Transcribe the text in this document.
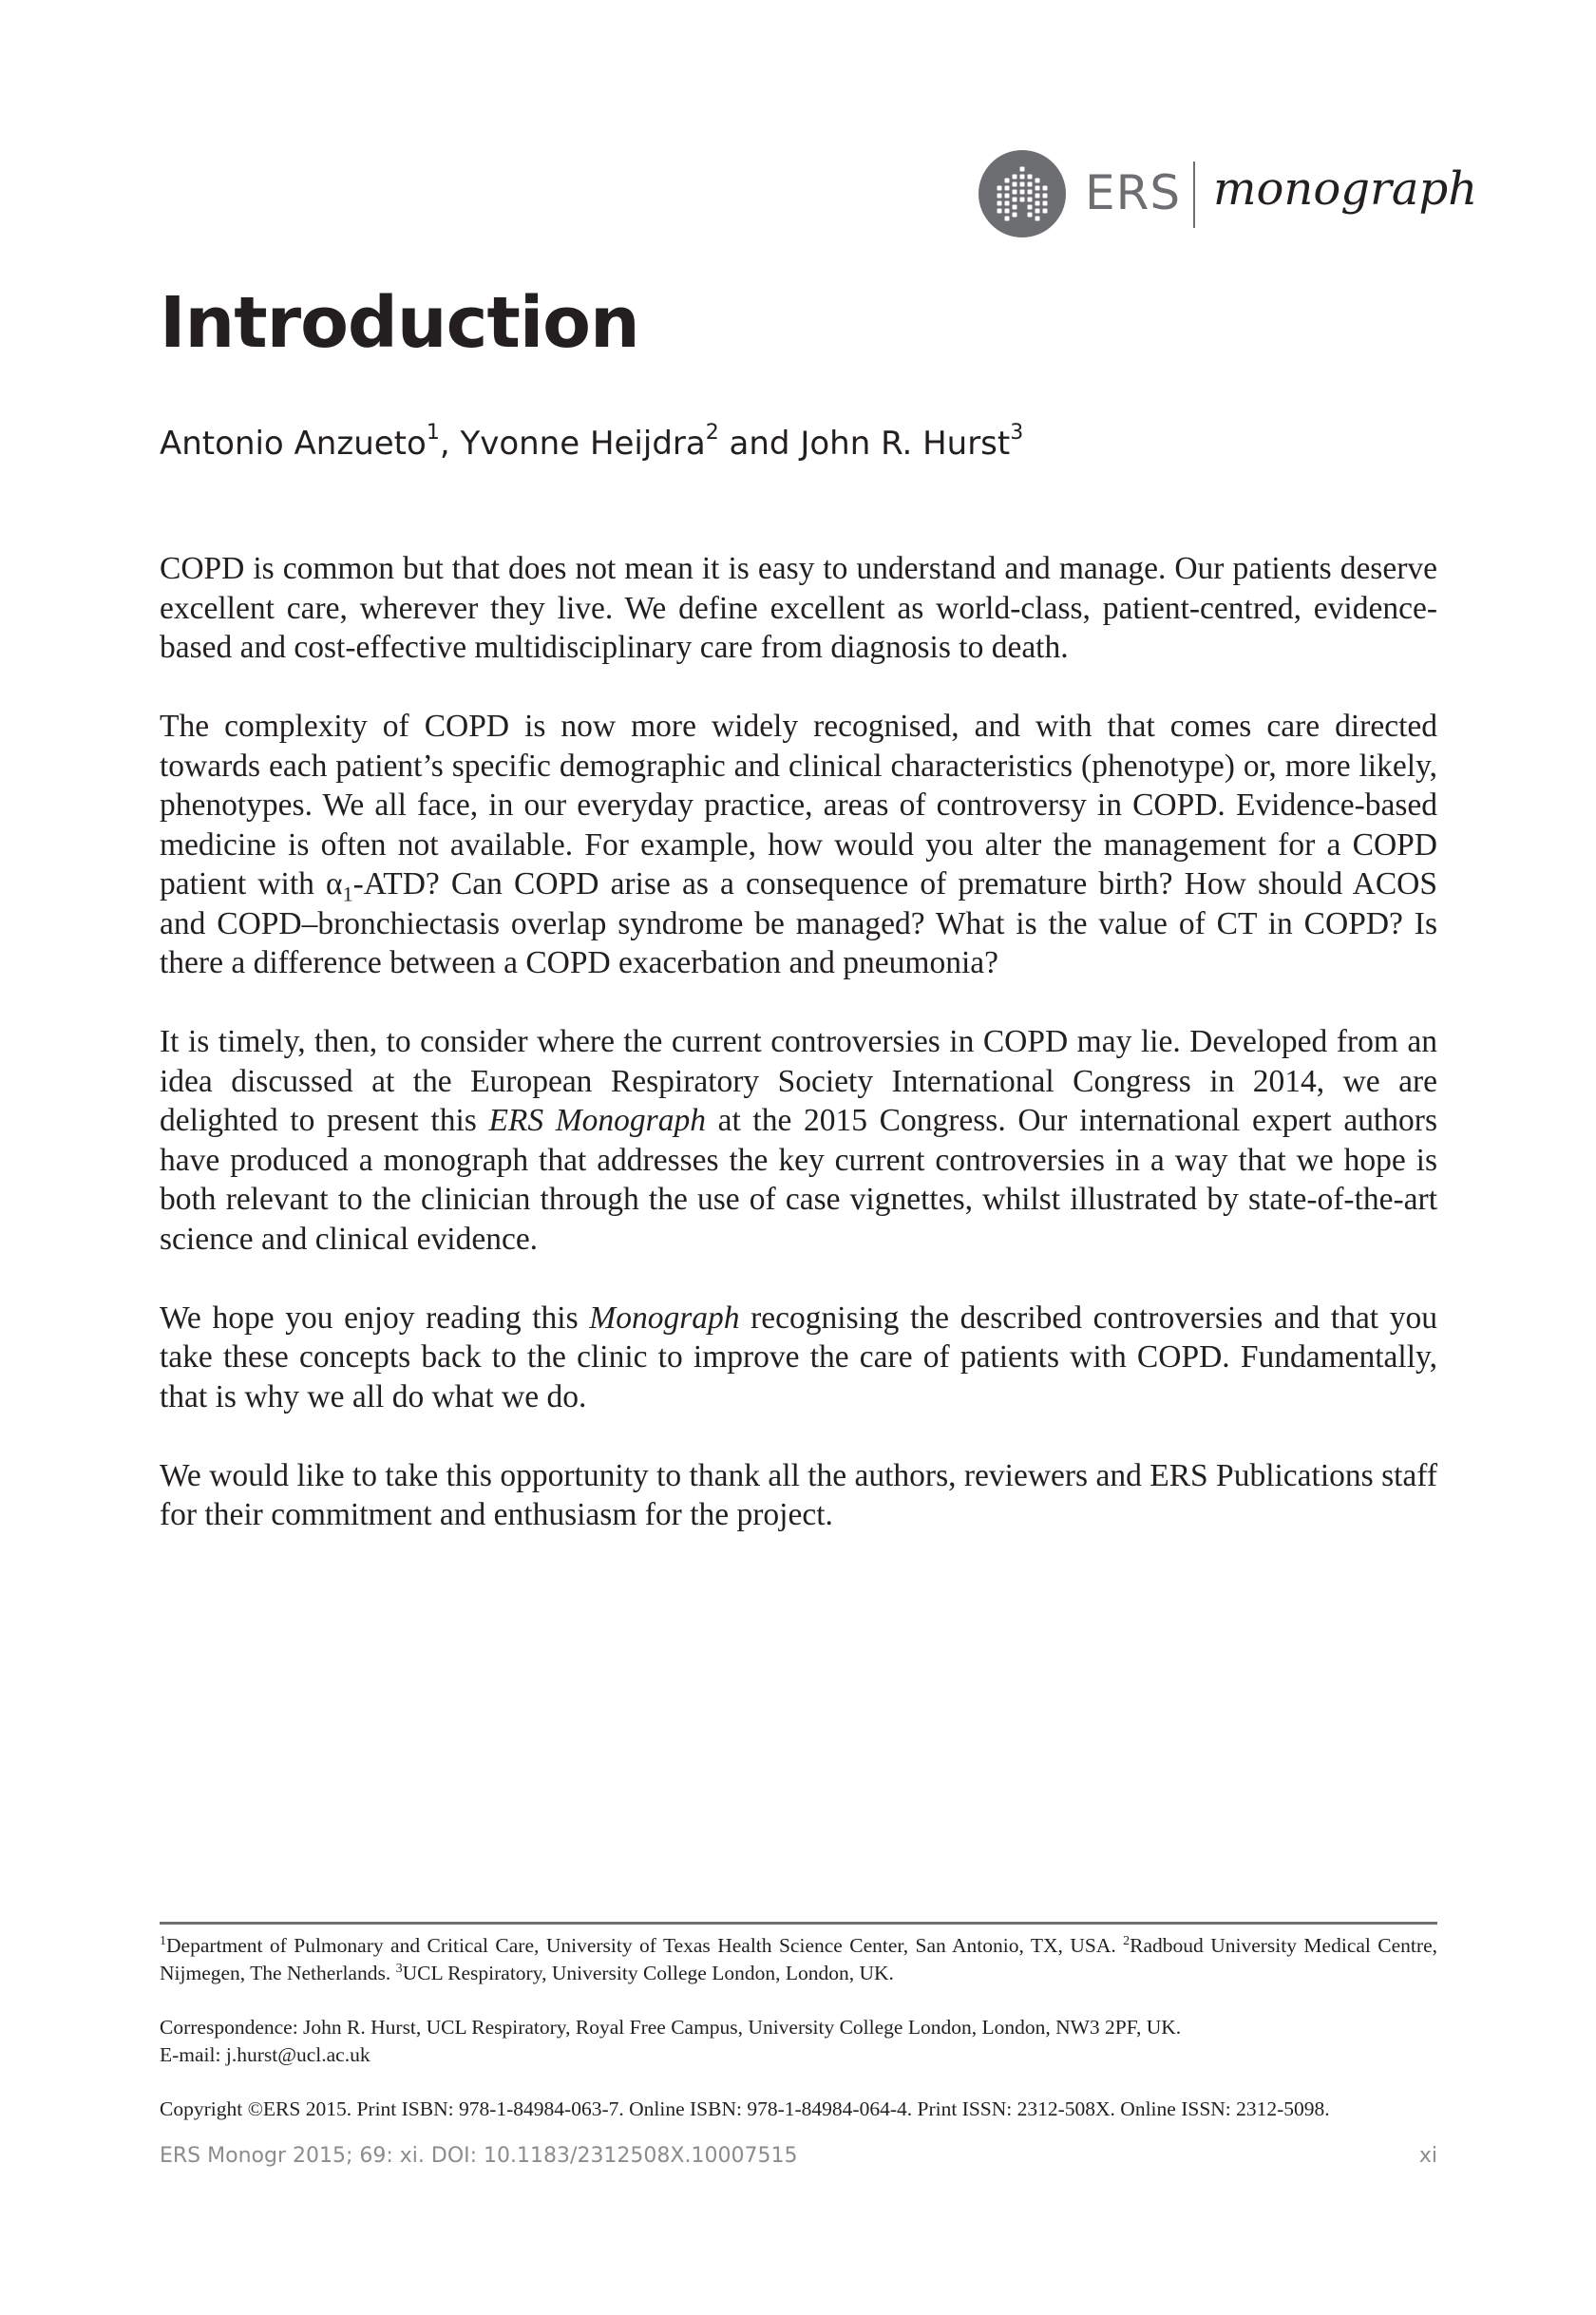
ERS monograph
Introduction
Antonio Anzueto$^1$, Yvonne Heijdra$^2$ and John R. Hurst$^3$

COPD is common but that does not mean it is easy to understand and manage. Our patients deserve excellent care, wherever they live. We define excellent as world-class, patient-centred, evidence-based and cost-effective multidisciplinary care from diagnosis to death.

The complexity of COPD is now more widely recognised, and with that comes care directed towards each patient’s specific demographic and clinical characteristics (phenotype) or, more likely, phenotypes. We all face, in our everyday practice, areas of controversy in COPD. Evidence-based medicine is often not available. For example, how would you alter the management for a COPD patient with $\alpha_1$-ATD? Can COPD arise as a consequence of premature birth? How should ACOS and COPD–bronchiectasis overlap syndrome be managed? What is the value of CT in COPD? Is there a difference between a COPD exacerbation and pneumonia?

It is timely, then, to consider where the current controversies in COPD may lie. Developed from an idea discussed at the European Respiratory Society International Congress in 2014, we are delighted to present this ERS Monograph at the 2015 Congress. Our international expert authors have produced a monograph that addresses the key current controversies in a way that we hope is both relevant to the clinician through the use of case vignettes, whilst illustrated by state-of-the-art science and clinical evidence.

We hope you enjoy reading this Monograph recognising the described controversies and that you take these concepts back to the clinic to improve the care of patients with COPD. Fundamentally, that is why we all do what we do.

We would like to take this opportunity to thank all the authors, reviewers and ERS Publications staff for their commitment and enthusiasm for the project.

$^1$Department of Pulmonary and Critical Care, University of Texas Health Science Center, San Antonio, TX, USA. $^2$Radboud University Medical Centre, Nijmegen, The Netherlands. $^3$UCL Respiratory, University College London, London, UK.

Correspondence: John R. Hurst, UCL Respiratory, Royal Free Campus, University College London, London, NW3 2PF, UK.

E-mail: j.hurst@ucl.ac.uk

Copyright ©ERS 2015. Print ISBN: 978-1-84984-063-7. Online ISBN: 978-1-84984-064-4. Print ISSN: 2312-508X. Online ISSN: 2312-5098.

ERS Monogr 2015; 69: xi. DOI: 10.1183/2312508X.10007515	xi
